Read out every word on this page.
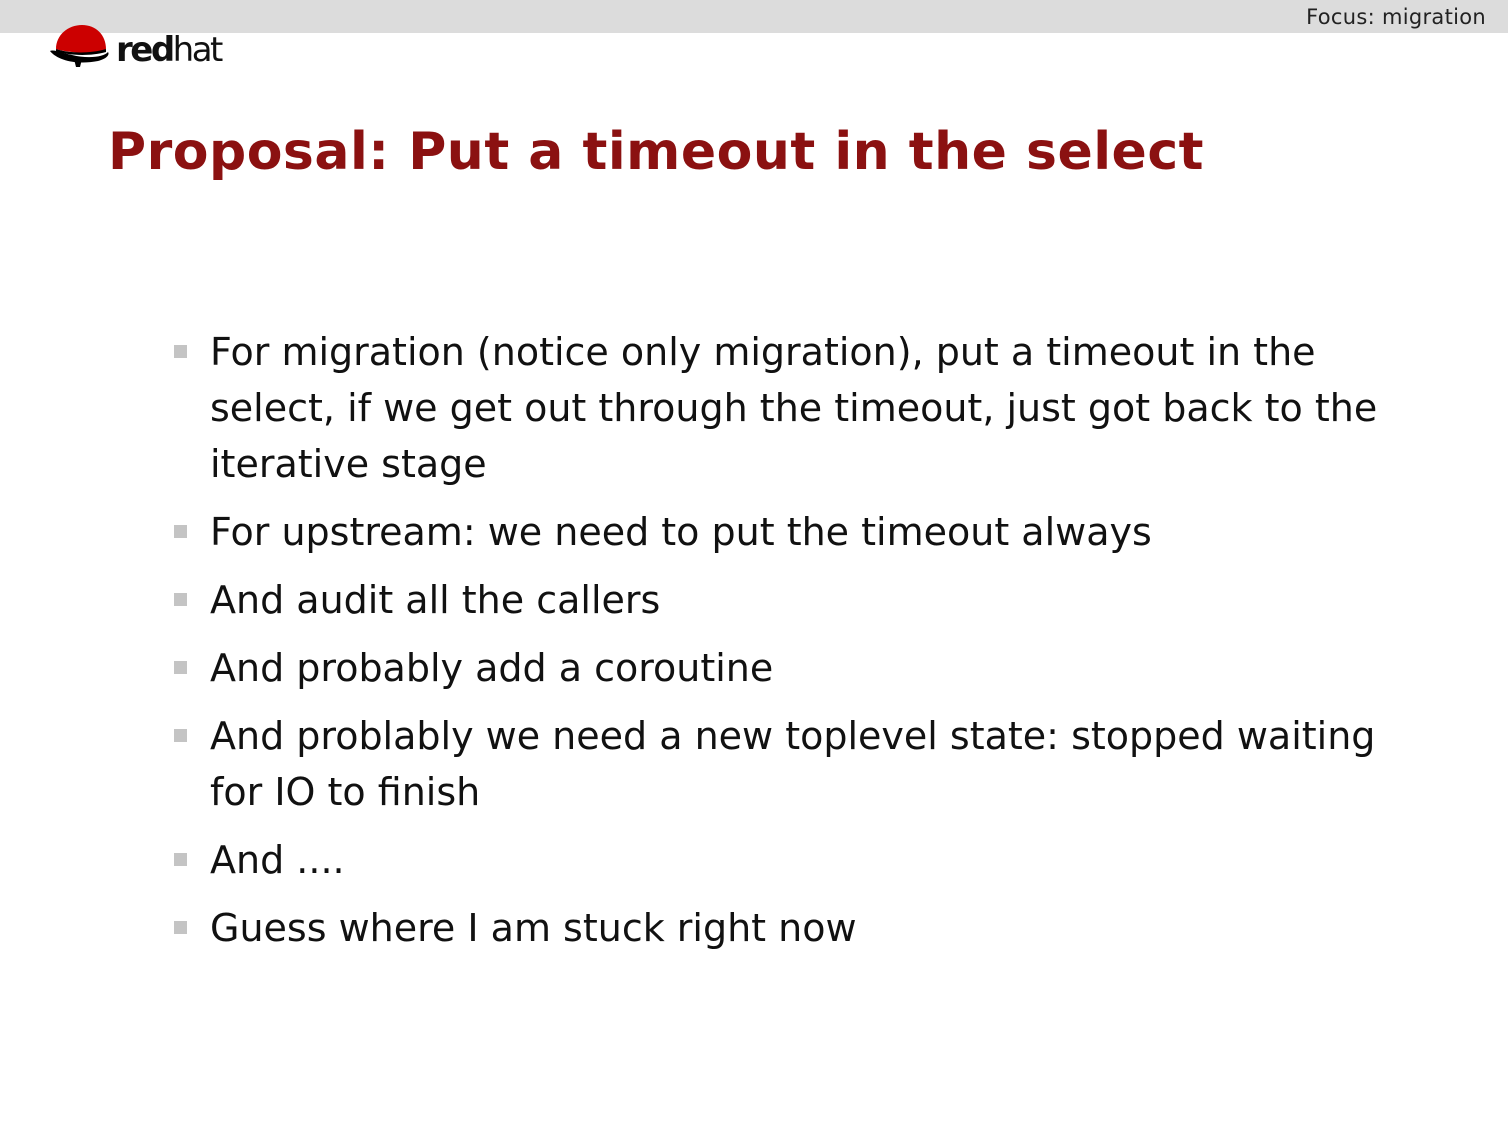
Focus: migration
redhat
Proposal: Put a timeout in the select
For migration (notice only migration), put a timeout in the select, if we get out through the timeout, just got back to the iterative stage
For upstream: we need to put the timeout always
And audit all the callers
And probably add a coroutine
And problably we need a new toplevel state: stopped waiting for IO to finish
And ....
Guess where I am stuck right now
